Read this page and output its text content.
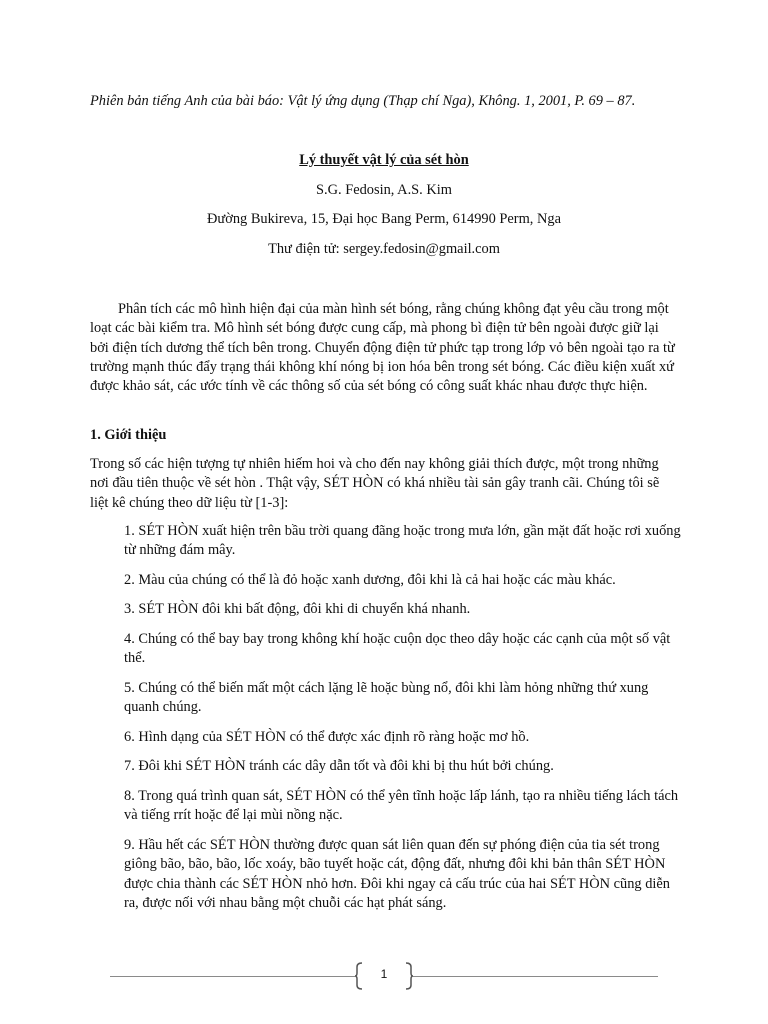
Phiên bản tiếng Anh của bài báo: Vật lý ứng dụng (Thạp chí Nga), Không. 1, 2001, P. 69 – 87.
Lý thuyết vật lý của sét hòn
S.G. Fedosin, A.S. Kim
Đường Bukireva, 15, Đại học Bang Perm, 614990 Perm, Nga
Thư điện tử: sergey.fedosin@gmail.com
Phân tích các mô hình hiện đại của màn hình sét bóng, rằng chúng không đạt yêu cầu trong một loạt các bài kiểm tra. Mô hình sét bóng được cung cấp, mà phong bì điện tử bên ngoài được giữ lại bởi điện tích dương thể tích bên trong. Chuyển động điện tử phức tạp trong lớp vỏ bên ngoài tạo ra từ trường mạnh thúc đẩy trạng thái không khí nóng bị ion hóa bên trong sét bóng. Các điều kiện xuất xứ được khảo sát, các ước tính về các thông số của sét bóng có công suất khác nhau được thực hiện.
1. Giới thiệu
Trong số các hiện tượng tự nhiên hiếm hoi và cho đến nay không giải thích được, một trong những nơi đầu tiên thuộc về sét hòn . Thật vậy, SÉT HÒN có khá nhiều tài sản gây tranh cãi. Chúng tôi sẽ liệt kê chúng theo dữ liệu từ [1-3]:
1. SÉT HÒN xuất hiện trên bầu trời quang đãng hoặc trong mưa lớn, gần mặt đất hoặc rơi xuống từ những đám mây.
2. Màu của chúng có thể là đỏ hoặc xanh dương, đôi khi là cả hai hoặc các màu khác.
3. SÉT HÒN đôi khi bất động, đôi khi di chuyển khá nhanh.
4. Chúng có thể bay bay trong không khí hoặc cuộn dọc theo dây hoặc các cạnh của một số vật thể.
5. Chúng có thể biến mất một cách lặng lẽ hoặc bùng nổ, đôi khi làm hỏng những thứ xung quanh chúng.
6. Hình dạng của SÉT HÒN có thể được xác định rõ ràng hoặc mơ hồ.
7. Đôi khi SÉT HÒN tránh các dây dẫn tốt và đôi khi bị thu hút bởi chúng.
8. Trong quá trình quan sát, SÉT HÒN có thể yên tĩnh hoặc lấp lánh, tạo ra nhiều tiếng lách tách và tiếng rrít hoặc để lại mùi nồng nặc.
9. Hầu hết các SÉT HÒN thường được quan sát liên quan đến sự phóng điện của tia sét trong giông bão, bão, bão, lốc xoáy, bão tuyết hoặc cát, động đất, nhưng đôi khi bản thân SÉT HÒN được chia thành các SÉT HÒN nhỏ hơn. Đôi khi ngay cả cấu trúc của hai SÉT HÒN cũng diễn ra, được nối với nhau bằng một chuỗi các hạt phát sáng.
1
